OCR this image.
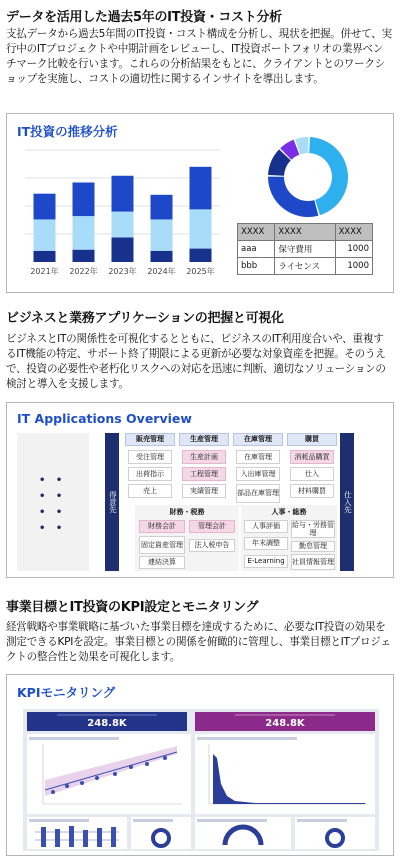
データを活用した過去5年のIT投資・コスト分析
支払データから過去5年間のIT投資・コスト構成を分析し、現状を把握。併せて、実行中のITプロジェクトや中期計画をレビューし、IT投資ポートフォリオの業界ベンチマーク比較を行います。これらの分析結果をもとに、クライアントとのワークショップを実施し、コストの適切性に関するインサイトを導出します。
IT投資の推移分析
2021年 2022年 2023年 2024年 2025年
XXXX	XXXX	XXXX
aaa	保守費用	1000
bbb	ライセンス	1000
ビジネスと業務アプリケーションの把握と可視化
ビジネスとITの関係性を可視化するとともに、ビジネスのIT利用度合いや、重複するIT機能の特定、サポート終了期限による更新が必要な対象資産を把握。そのうえで、投資の必要性や老朽化リスクへの対応を迅速に判断、適切なソリューションの検討と導入を支援します。
IT Applications Overview
•   •
•   •
•   •
•   •
得意先	仕入先
販売管理
受注管理
出荷指示
売上
生産管理
生産計画
工程管理
実績管理
在庫管理
在庫管理
入出庫管理
部品在庫管理
購買
消耗品購買
仕入
材料購買
財務・税務
財務会計	管理会計
固定資産管理	法人税申告
連結決算
人事・総務
人事評価	給与・労務管理
年末調整	勤怠管理
E-Learning	社員情報管理
事業目標とIT投資のKPI設定とモニタリング
経営戦略や事業戦略に基づいた事業目標を達成するために、必要なIT投資の効果を測定できるKPIを設定。事業目標との関係を俯瞰的に管理し、事業目標とITプロジェクトの整合性と効果を可視化します。
KPIモニタリング
248.8K	248.8K
